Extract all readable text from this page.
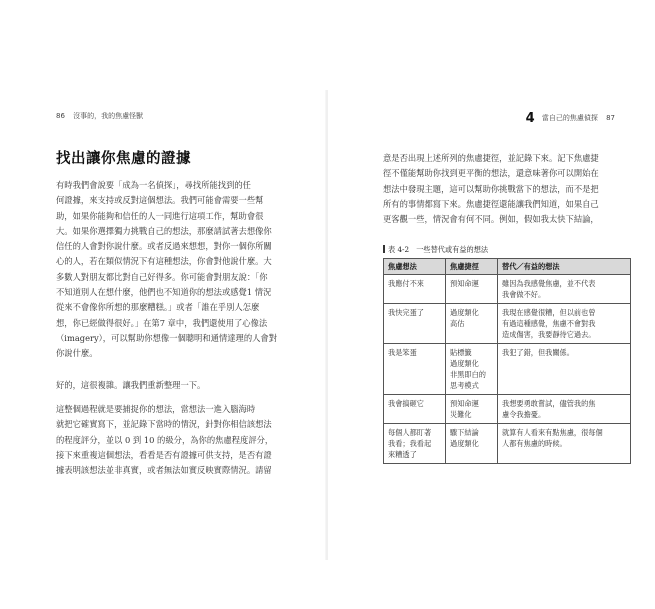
86 沒事的，我的焦慮怪獸
找出讓你焦慮的證據
有時我們會說要「成為一名偵探」，尋找所能找到的任
何證據，來支持或反對這個想法。我們可能會需要一些幫
助，如果你能夠和信任的人一同進行這項工作，幫助會很
大。如果你選擇獨力挑戰自己的想法，那麼請試著去想像你
信任的人會對你說什麼。或者反過來想想，對你一個你所關
心的人，若在類似情況下有這種想法，你會對他說什麼。大
多數人對朋友都比對自己好得多。你可能會對朋友說：「你
不知道別人在想什麼，他們也不知道你的想法或感覺1 情況
從來不會像你所想的那麼糟糕。」或者「誰在乎別人怎麼
想，你已經做得很好。」在第7 章中，我們還使用了心像法
（imagery），可以幫助你想像一個聰明和通情達理的人會對
你說什麼。
好的，這很複雜。讓我們重新整理一下。
這整個過程就是要捕捉你的想法，當想法一進入腦海時
就把它確實寫下，並記錄下當時的情況，針對你相信該想法
的程度評分，並以 0 到 10 的級分，為你的焦慮程度評分，
接下來重複這個想法，看看是否有證據可供支持，是否有證
據表明該想法並非真實，或者無法如實反映實際情況。請留
4 當自己的焦慮偵探 87
意是否出現上述所列的焦慮捷徑，並記錄下來。記下焦慮捷
徑不僅能幫助你找到更平衡的想法，還意味著你可以開始在
想法中發現主題，這可以幫助你挑戰當下的想法，而不是把
所有的事情都寫下來。焦慮捷徑還能讓我們知道，如果自己
更客觀一些，情況會有何不同。例如，假如我太快下結論，
表 4-2　一些替代或有益的想法
焦慮想法	焦慮捷徑	替代／有益的想法

我應付不來	預知命運	雖因為我感覺焦慮，並不代表
我會做不好。

我快完蛋了	過度類化
高估	我現在感覺很糟，但以前也曾
有過這種感覺，焦慮不會對我
造成傷害，我要靜待它過去。

我是笨蛋	貼標籤
過度類化
非黑即白的
思考模式	我犯了錯，但我關係。

我會搞砸它	預知命運
災難化	我想要勇敢嘗試，儘管我的焦
慮令我擔憂。

每個人都盯著
我看；我看起
來糟透了	驟下結論
過度類化	就算有人看來有點焦慮，很每個
人都有焦慮的時候。
